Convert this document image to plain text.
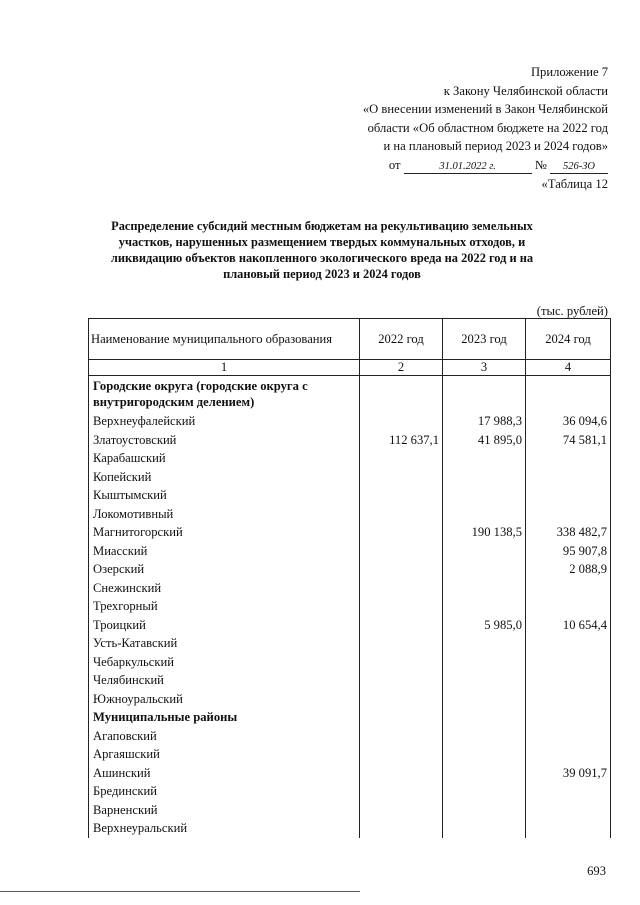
Приложение 7
к Закону Челябинской области
«О внесении изменений в Закон Челябинской
области «Об областном бюджете на 2022 год
и на плановый период 2023 и 2024 годов»
от	31.01.2022 г.	№ 526-ЗО
«Таблица 12
Распределение субсидий местным бюджетам на рекультивацию земельных участков, нарушенных размещением твердых коммунальных отходов, и ликвидацию объектов накопленного экологического вреда на 2022 год и на плановый период 2023 и 2024 годов
(тыс. рублей)
Наименование муниципального образования	2022 год	2023 год	2024 год
1	2	3	4
Городские округа (городские округа с внутригородским делением)			
Верхнеуфалейский		17 988,3	36 094,6
Златоустовский	112 637,1	41 895,0	74 581,1
Карабашский			
Копейский			
Кыштымский			
Локомотивный			
Магнитогорский		190 138,5	338 482,7
Миасский			95 907,8
Озерский			2 088,9
Снежинский			
Трехгорный			
Троицкий		5 985,0	10 654,4
Усть-Катавский			
Чебаркульский			
Челябинский			
Южноуральский			
Муниципальные районы			
Агаповский			
Аргаяшский			
Ашинский			39 091,7
Брединский			
Варненский			
Верхнеуральский			
693
